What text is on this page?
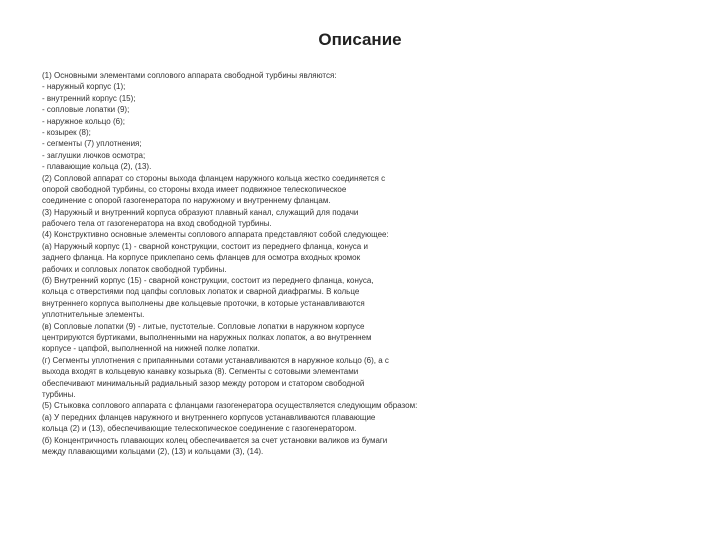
Описание
(1) Основными элементами соплового аппарата свободной турбины являются:
- наружный корпус (1);
- внутренний корпус (15);
- сопловые лопатки (9);
- наружное кольцо (6);
- козырек (8);
- сегменты (7) уплотнения;
- заглушки лючков осмотра;
- плавающие кольца (2), (13).
(2) Сопловой аппарат со стороны выхода фланцем наружного кольца жестко соединяется с
опорой свободной турбины, со стороны входа имеет подвижное телескопическое
соединение с опорой газогенератора по наружному и внутреннему фланцам.
(3) Наружный и внутренний корпуса образуют плавный канал, служащий для подачи
рабочего тела от газогенератора на вход свободной турбины.
(4) Конструктивно основные элементы соплового аппарата представляют собой следующее:
(а) Наружный корпус (1) - сварной конструкции, состоит из переднего фланца, конуса и
заднего фланца. На корпусе приклепано семь фланцев для осмотра входных кромок
рабочих и сопловых лопаток свободной турбины.
(б) Внутренний корпус (15) - сварной конструкции, состоит из переднего фланца, конуса,
кольца с отверстиями под цапфы сопловых лопаток и сварной диафрагмы. В кольце
внутреннего корпуса выполнены две кольцевые проточки, в которые устанавливаются
уплотнительные элементы.
(в) Сопловые лопатки (9) - литые, пустотелые. Сопловые лопатки в наружном корпусе
центрируются буртиками, выполненными на наружных полках лопаток, а во внутреннем
корпусе - цапфой, выполненной на нижней полке лопатки.
(г) Сегменты уплотнения с припаянными сотами устанавливаются в наружное кольцо (6), а с
выхода входят в кольцевую канавку козырька (8). Сегменты с сотовыми элементами
обеспечивают минимальный радиальный зазор между ротором и статором свободной
турбины.
(5) Стыковка соплового аппарата с фланцами газогенератора осуществляется следующим образом:
(а) У передних фланцев наружного и внутреннего корпусов устанавливаются плавающие
кольца (2) и (13), обеспечивающие телескопическое соединение с газогенератором.
(б) Концентричность плавающих колец обеспечивается за счет установки валиков из бумаги
между плавающими кольцами (2), (13) и кольцами (3), (14).
